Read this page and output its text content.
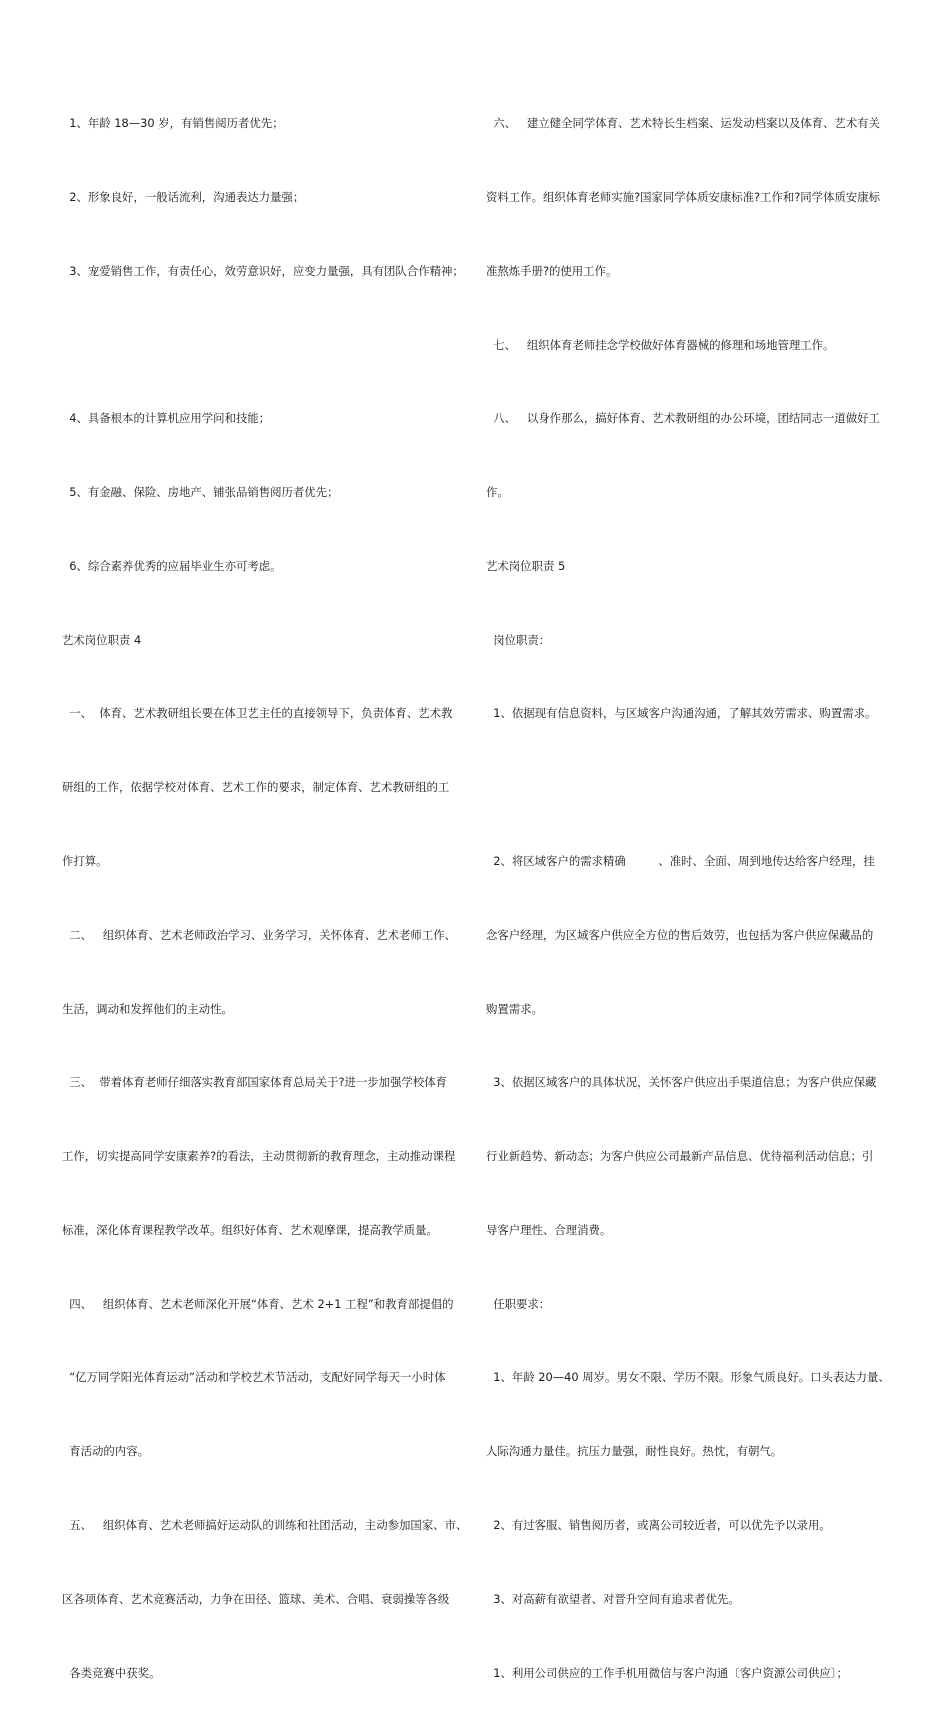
1、年龄 18—30 岁，有销售阅历者优先；

2、形象良好，一般话流利，沟通表达力量强；

3、宠爱销售工作，有责任心，效劳意识好，应变力量强，具有团队合作精神；

4、具备根本的计算机应用学问和技能；

5、有金融、保险、房地产、铺张品销售阅历者优先；

6、综合素养优秀的应届毕业生亦可考虑。

艺术岗位职责 4

一、  体育、艺术教研组长要在体卫艺主任的直接领导下，负责体育、艺术教

研组的工作，依据学校对体育、艺术工作的要求，制定体育、艺术教研组的工

作打算。

二、   组织体育、艺术老师政治学习、业务学习，关怀体育、艺术老师工作、

生活，调动和发挥他们的主动性。

三、  带着体育老师仔细落实教育部国家体育总局关于?进一步加强学校体育

工作，切实提高同学安康素养?的看法，主动贯彻新的教育理念，主动推动课程

标准，深化体育课程教学改革。组织好体育、艺术观摩课，提高教学质量。

四、   组织体育、艺术老师深化开展“体育、艺术 2+1 工程”和教育部提倡的

“亿万同学阳光体育运动”活动和学校艺术节活动，支配好同学每天一小时体

育活动的内容。

五、   组织体育、艺术老师搞好运动队的训练和社团活动，主动参加国家、市、

区各项体育、艺术竞赛活动，力争在田径、篮球、美术、合唱、衰弱操等各级

各类竞赛中获奖。

六、   建立健全同学体育、艺术特长生档案、运发动档案以及体育、艺术有关

资料工作。组织体育老师实施?国家同学体质安康标准?工作和?同学体质安康标

准熬炼手册?的使用工作。

七、   组织体育老师挂念学校做好体育器械的修理和场地管理工作。

八、   以身作那么，搞好体育、艺术教研组的办公环境，团结同志一道做好工

作。

艺术岗位职责 5

岗位职责：

1、依据现有信息资料，与区域客户沟通沟通，了解其效劳需求、购置需求。

2、将区域客户的需求精确         、准时、全面、周到地传达给客户经理，挂

念客户经理，为区域客户供应全方位的售后效劳，也包括为客户供应保藏品的

购置需求。

3、依据区域客户的具体状况，关怀客户供应出手渠道信息；为客户供应保藏

行业新趋势、新动态；为客户供应公司最新产品信息、优待福利活动信息；引

导客户理性、合理消费。

任职要求：

1、年龄 20—40 周岁。男女不限、学历不限。形象气质良好。口头表达力量、

人际沟通力量佳。抗压力量强，耐性良好。热忱，有朝气。

2、有过客服、销售阅历者，或离公司较近者，可以优先予以录用。

3、对高薪有欲望者、对晋升空间有追求者优先。

1、利用公司供应的工作手机用微信与客户沟通〔客户资源公司供应〕；
